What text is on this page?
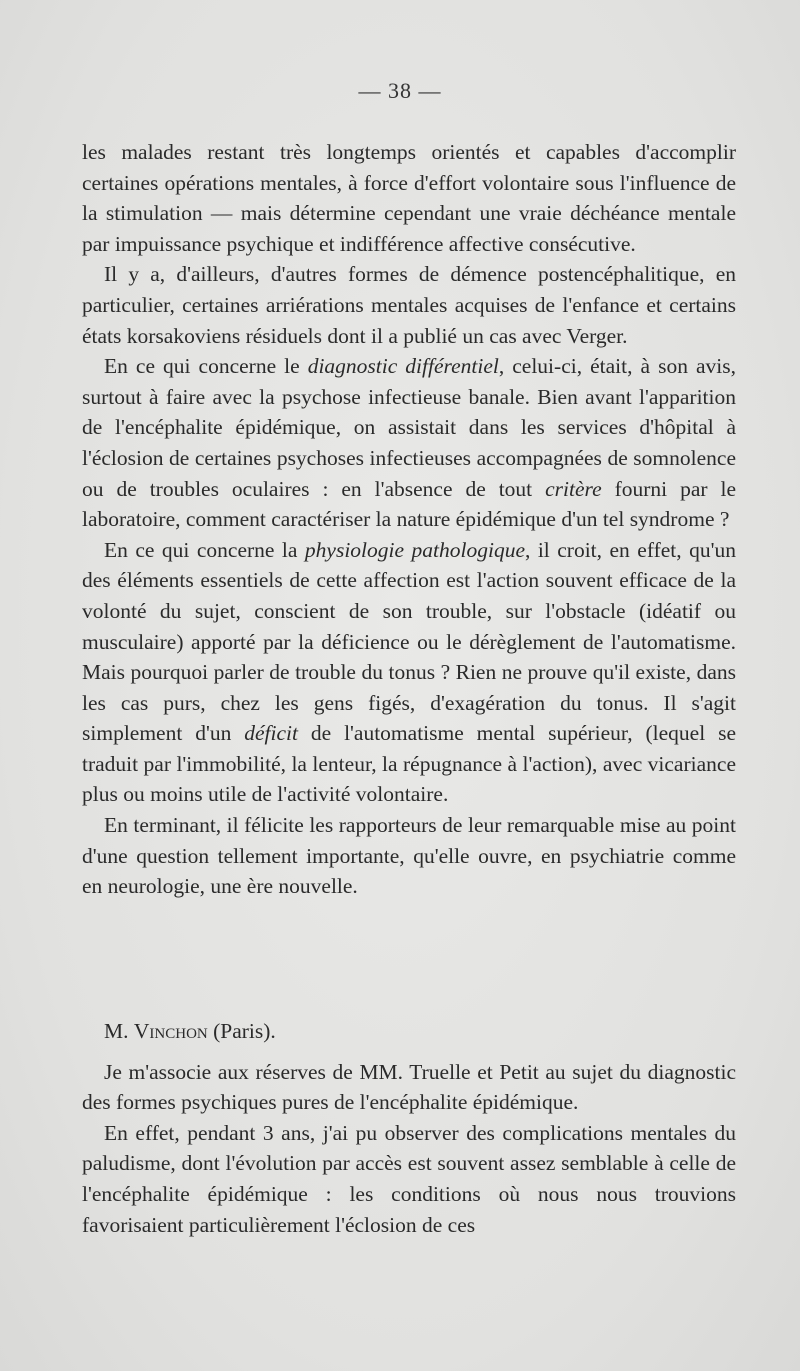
— 38 —

les malades restant très longtemps orientés et capables d'accomplir certaines opérations mentales, à force d'effort volontaire sous l'influence de la stimulation — mais détermine cependant une vraie déchéance mentale par impuissance psychique et indifférence affective consécutive.

Il y a, d'ailleurs, d'autres formes de démence postencéphalitique, en particulier, certaines arriérations mentales acquises de l'enfance et certains états korsakoviens résiduels dont il a publié un cas avec Verger.

En ce qui concerne le diagnostic différentiel, celui-ci, était, à son avis, surtout à faire avec la psychose infectieuse banale. Bien avant l'apparition de l'encéphalite épidémique, on assistait dans les services d'hôpital à l'éclosion de certaines psychoses infectieuses accompagnées de somnolence ou de troubles oculaires : en l'absence de tout critère fourni par le laboratoire, comment caractériser la nature épidémique d'un tel syndrome ?

En ce qui concerne la physiologie pathologique, il croit, en effet, qu'un des éléments essentiels de cette affection est l'action souvent efficace de la volonté du sujet, conscient de son trouble, sur l'obstacle (idéatif ou musculaire) apporté par la déficience ou le dérèglement de l'automatisme. Mais pourquoi parler de trouble du tonus ? Rien ne prouve qu'il existe, dans les cas purs, chez les gens figés, d'exagération du tonus. Il s'agit simplement d'un déficit de l'automatisme mental supérieur, (lequel se traduit par l'immobilité, la lenteur, la répugnance à l'action), avec vicariance plus ou moins utile de l'activité volontaire.

En terminant, il félicite les rapporteurs de leur remarquable mise au point d'une question tellement importante, qu'elle ouvre, en psychiatrie comme en neurologie, une ère nouvelle.

M. Vinchon (Paris).

Je m'associe aux réserves de MM. Truelle et Petit au sujet du diagnostic des formes psychiques pures de l'encéphalite épidémique.

En effet, pendant 3 ans, j'ai pu observer des complications mentales du paludisme, dont l'évolution par accès est souvent assez semblable à celle de l'encéphalite épidémique : les conditions où nous nous trouvions favorisaient particulièrement l'éclosion de ces
